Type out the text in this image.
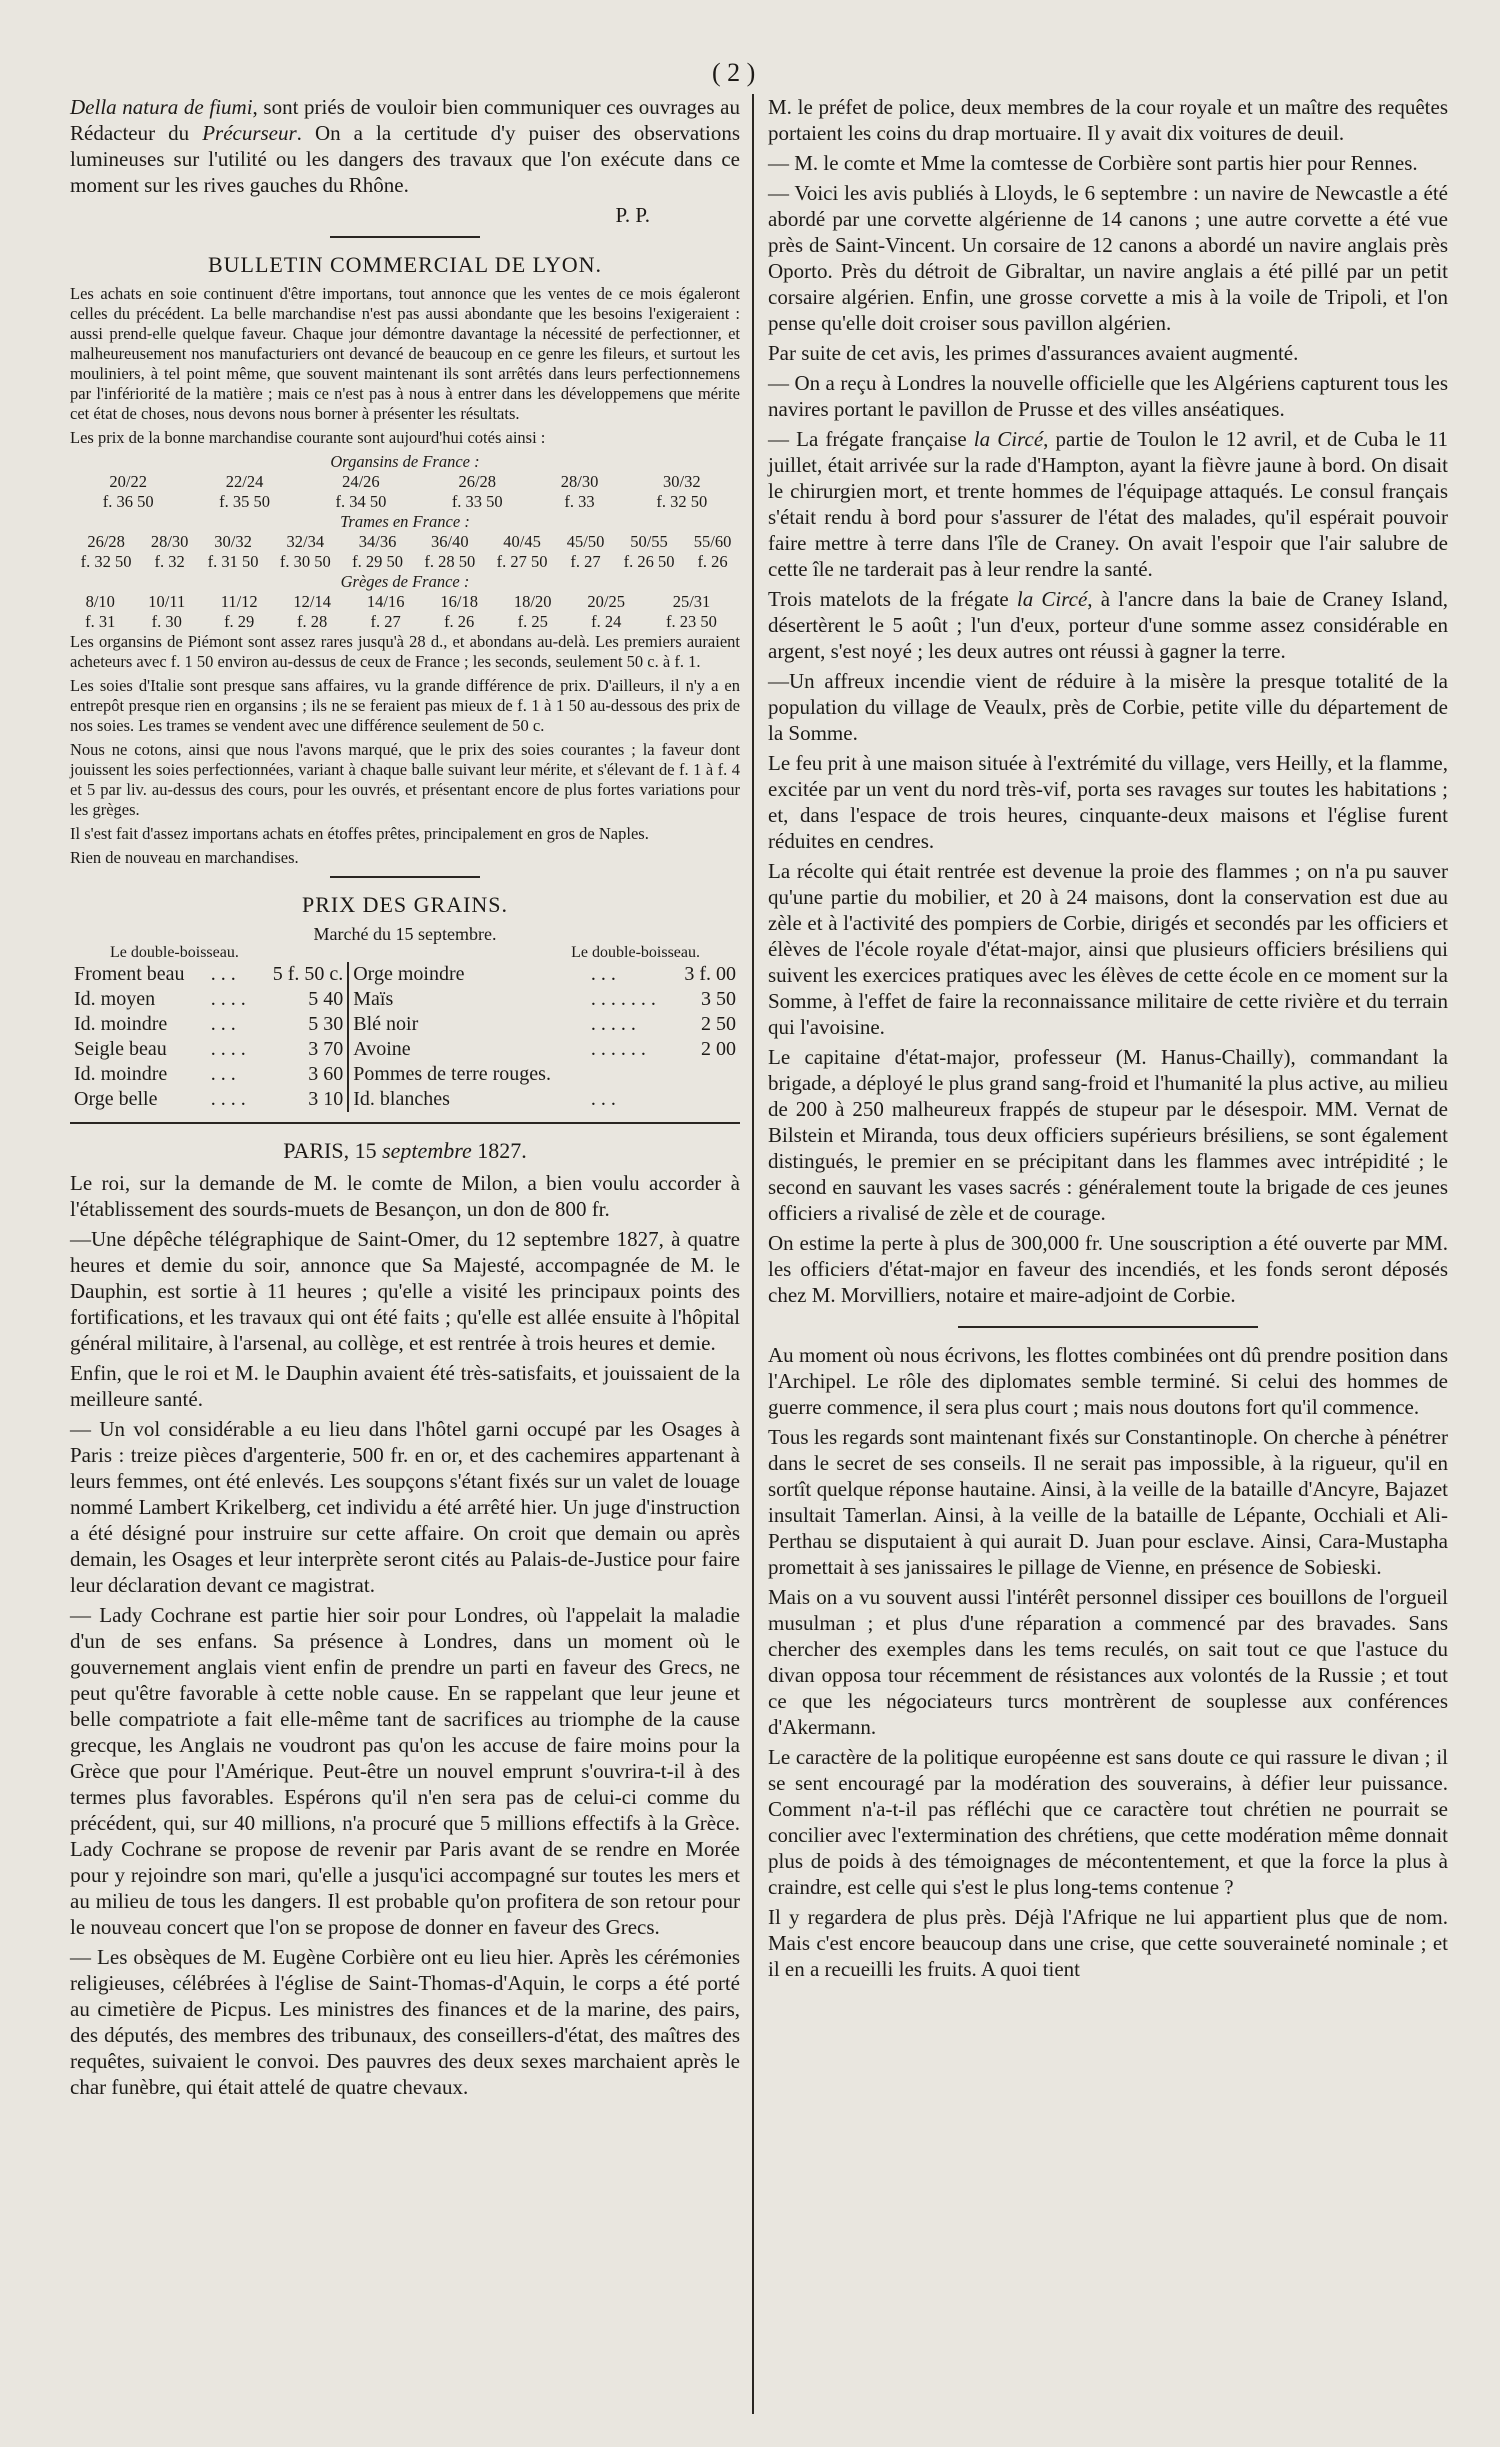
( 2 )

Della natura de fiumi, sont priés de vouloir bien communiquer ces ouvrages au Rédacteur du Précurseur. On a la certitude d'y puiser des observations lumineuses sur l'utilité ou les dangers des travaux que l'on exécute dans ce moment sur les rives gauches du Rhône.

P. P.

BULLETIN COMMERCIAL DE LYON.

Les achats en soie continuent d'être importans, tout annonce que les ventes de ce mois égaleront celles du précédent. La belle marchandise n'est pas aussi abondante que les besoins l'exigeraient : aussi prend-elle quelque faveur. Chaque jour démontre davantage la nécessité de perfectionner, et malheureusement nos manufacturiers ont devancé de beaucoup en ce genre les fileurs, et surtout les mouliniers, à tel point même, que souvent maintenant ils sont arrêtés dans leurs perfectionnemens par l'infériorité de la matière ; mais ce n'est pas à nous à entrer dans les développemens que mérite cet état de choses, nous devons nous borner à présenter les résultats.

Les prix de la bonne marchandise courante sont aujourd'hui cotés ainsi :

Organsins de France :
20/22	22/24	24/26	26/28	28/30	30/32
f. 36 50	f. 35 50	f. 34 50	f. 33 50	f. 33	f. 32 50
Trames en France :
26/28	28/30	30/32	32/34	34/36	36/40	40/45	45/50	50/55	55/60
f. 32 50	f. 32	f. 31 50	f. 30 50	f. 29 50	f. 28 50	f. 27 50	f. 27	f. 26 50	f. 26
Grèges de France :
8/10	10/11	11/12	12/14	14/16	16/18	18/20	20/25	25/31
f. 31	f. 30	f. 29	f. 28	f. 27	f. 26	f. 25	f. 24	f. 23 50

Les organsins de Piémont sont assez rares jusqu'à 28 d., et abondans au-delà. Les premiers auraient acheteurs avec f. 1 50 environ au-dessus de ceux de France ; les seconds, seulement 50 c. à f. 1.

Les soies d'Italie sont presque sans affaires, vu la grande différence de prix. D'ailleurs, il n'y a en entrepôt presque rien en organsins ; ils ne se feraient pas mieux de f. 1 à 1 50 au-dessous des prix de nos soies. Les trames se vendent avec une différence seulement de 50 c.

Nous ne cotons, ainsi que nous l'avons marqué, que le prix des soies courantes ; la faveur dont jouissent les soies perfectionnées, variant à chaque balle suivant leur mérite, et s'élevant de f. 1 à f. 4 et 5 par liv. au-dessus des cours, pour les ouvrés, et présentant encore de plus fortes variations pour les grèges.

Il s'est fait d'assez importans achats en étoffes prêtes, principalement en gros de Naples.

Rien de nouveau en marchandises.

PRIX DES GRAINS.
Marché du 15 septembre.
Le double-boisseau.	Le double-boisseau.
Froment beau	. . .	5 f. 50 c.	Orge moindre	. . .	3 f. 00
Id. moyen	. . . .	5 40	Maïs	. . . . . . .	3 50
Id. moindre	. . .	5 30	Blé noir	. . . . .	2 50
Seigle beau	. . . .	3 70	Avoine	. . . . . .	2 00
Id. moindre	. . .	3 60	Pommes de terre rouges.		
Orge belle	. . . .	3 10	Id. blanches	. . .	
PARIS, 15 septembre 1827.

Le roi, sur la demande de M. le comte de Milon, a bien voulu accorder à l'établissement des sourds-muets de Besançon, un don de 800 fr.

—Une dépêche télégraphique de Saint-Omer, du 12 septembre 1827, à quatre heures et demie du soir, annonce que Sa Majesté, accompagnée de M. le Dauphin, est sortie à 11 heures ; qu'elle a visité les principaux points des fortifications, et les travaux qui ont été faits ; qu'elle est allée ensuite à l'hôpital général militaire, à l'arsenal, au collège, et est rentrée à trois heures et demie.

Enfin, que le roi et M. le Dauphin avaient été très-satisfaits, et jouissaient de la meilleure santé.

— Un vol considérable a eu lieu dans l'hôtel garni occupé par les Osages à Paris : treize pièces d'argenterie, 500 fr. en or, et des cachemires appartenant à leurs femmes, ont été enlevés. Les soupçons s'étant fixés sur un valet de louage nommé Lambert Krikelberg, cet individu a été arrêté hier. Un juge d'instruction a été désigné pour instruire sur cette affaire. On croit que demain ou après demain, les Osages et leur interprète seront cités au Palais-de-Justice pour faire leur déclaration devant ce magistrat.

— Lady Cochrane est partie hier soir pour Londres, où l'appelait la maladie d'un de ses enfans. Sa présence à Londres, dans un moment où le gouvernement anglais vient enfin de prendre un parti en faveur des Grecs, ne peut qu'être favorable à cette noble cause. En se rappelant que leur jeune et belle compatriote a fait elle-même tant de sacrifices au triomphe de la cause grecque, les Anglais ne voudront pas qu'on les accuse de faire moins pour la Grèce que pour l'Amérique. Peut-être un nouvel emprunt s'ouvrira-t-il à des termes plus favorables. Espérons qu'il n'en sera pas de celui-ci comme du précédent, qui, sur 40 millions, n'a procuré que 5 millions effectifs à la Grèce. Lady Cochrane se propose de revenir par Paris avant de se rendre en Morée pour y rejoindre son mari, qu'elle a jusqu'ici accompagné sur toutes les mers et au milieu de tous les dangers. Il est probable qu'on profitera de son retour pour le nouveau concert que l'on se propose de donner en faveur des Grecs.

— Les obsèques de M. Eugène Corbière ont eu lieu hier. Après les cérémonies religieuses, célébrées à l'église de Saint-Thomas-d'Aquin, le corps a été porté au cimetière de Picpus. Les ministres des finances et de la marine, des pairs, des députés, des membres des tribunaux, des conseillers-d'état, des maîtres des requêtes, suivaient le convoi. Des pauvres des deux sexes marchaient après le char funèbre, qui était attelé de quatre chevaux.

M. le préfet de police, deux membres de la cour royale et un maître des requêtes portaient les coins du drap mortuaire. Il y avait dix voitures de deuil.

— M. le comte et Mme la comtesse de Corbière sont partis hier pour Rennes.

— Voici les avis publiés à Lloyds, le 6 septembre : un navire de Newcastle a été abordé par une corvette algérienne de 14 canons ; une autre corvette a été vue près de Saint-Vincent. Un corsaire de 12 canons a abordé un navire anglais près Oporto. Près du détroit de Gibraltar, un navire anglais a été pillé par un petit corsaire algérien. Enfin, une grosse corvette a mis à la voile de Tripoli, et l'on pense qu'elle doit croiser sous pavillon algérien.

Par suite de cet avis, les primes d'assurances avaient augmenté.

— On a reçu à Londres la nouvelle officielle que les Algériens capturent tous les navires portant le pavillon de Prusse et des villes anséatiques.

— La frégate française la Circé, partie de Toulon le 12 avril, et de Cuba le 11 juillet, était arrivée sur la rade d'Hampton, ayant la fièvre jaune à bord. On disait le chirurgien mort, et trente hommes de l'équipage attaqués. Le consul français s'était rendu à bord pour s'assurer de l'état des malades, qu'il espérait pouvoir faire mettre à terre dans l'île de Craney. On avait l'espoir que l'air salubre de cette île ne tarderait pas à leur rendre la santé.

Trois matelots de la frégate la Circé, à l'ancre dans la baie de Craney Island, désertèrent le 5 août ; l'un d'eux, porteur d'une somme assez considérable en argent, s'est noyé ; les deux autres ont réussi à gagner la terre.

—Un affreux incendie vient de réduire à la misère la presque totalité de la population du village de Veaulx, près de Corbie, petite ville du département de la Somme.

Le feu prit à une maison située à l'extrémité du village, vers Heilly, et la flamme, excitée par un vent du nord très-vif, porta ses ravages sur toutes les habitations ; et, dans l'espace de trois heures, cinquante-deux maisons et l'église furent réduites en cendres.

La récolte qui était rentrée est devenue la proie des flammes ; on n'a pu sauver qu'une partie du mobilier, et 20 à 24 maisons, dont la conservation est due au zèle et à l'activité des pompiers de Corbie, dirigés et secondés par les officiers et élèves de l'école royale d'état-major, ainsi que plusieurs officiers brésiliens qui suivent les exercices pratiques avec les élèves de cette école en ce moment sur la Somme, à l'effet de faire la reconnaissance militaire de cette rivière et du terrain qui l'avoisine.

Le capitaine d'état-major, professeur (M. Hanus-Chailly), commandant la brigade, a déployé le plus grand sang-froid et l'humanité la plus active, au milieu de 200 à 250 malheureux frappés de stupeur par le désespoir. MM. Vernat de Bilstein et Miranda, tous deux officiers supérieurs brésiliens, se sont également distingués, le premier en se précipitant dans les flammes avec intrépidité ; le second en sauvant les vases sacrés : généralement toute la brigade de ces jeunes officiers a rivalisé de zèle et de courage.

On estime la perte à plus de 300,000 fr. Une souscription a été ouverte par MM. les officiers d'état-major en faveur des incendiés, et les fonds seront déposés chez M. Morvilliers, notaire et maire-adjoint de Corbie.

Au moment où nous écrivons, les flottes combinées ont dû prendre position dans l'Archipel. Le rôle des diplomates semble terminé. Si celui des hommes de guerre commence, il sera plus court ; mais nous doutons fort qu'il commence.

Tous les regards sont maintenant fixés sur Constantinople. On cherche à pénétrer dans le secret de ses conseils. Il ne serait pas impossible, à la rigueur, qu'il en sortît quelque réponse hautaine. Ainsi, à la veille de la bataille d'Ancyre, Bajazet insultait Tamerlan. Ainsi, à la veille de la bataille de Lépante, Occhiali et Ali-Perthau se disputaient à qui aurait D. Juan pour esclave. Ainsi, Cara-Mustapha promettait à ses janissaires le pillage de Vienne, en présence de Sobieski.

Mais on a vu souvent aussi l'intérêt personnel dissiper ces bouillons de l'orgueil musulman ; et plus d'une réparation a commencé par des bravades. Sans chercher des exemples dans les tems reculés, on sait tout ce que l'astuce du divan opposa tour récemment de résistances aux volontés de la Russie ; et tout ce que les négociateurs turcs montrèrent de souplesse aux conférences d'Akermann.

Le caractère de la politique européenne est sans doute ce qui rassure le divan ; il se sent encouragé par la modération des souverains, à défier leur puissance. Comment n'a-t-il pas réfléchi que ce caractère tout chrétien ne pourrait se concilier avec l'extermination des chrétiens, que cette modération même donnait plus de poids à des témoignages de mécontentement, et que la force la plus à craindre, est celle qui s'est le plus long-tems contenue ?

Il y regardera de plus près. Déjà l'Afrique ne lui appartient plus que de nom. Mais c'est encore beaucoup dans une crise, que cette souveraineté nominale ; et il en a recueilli les fruits. A quoi tient
